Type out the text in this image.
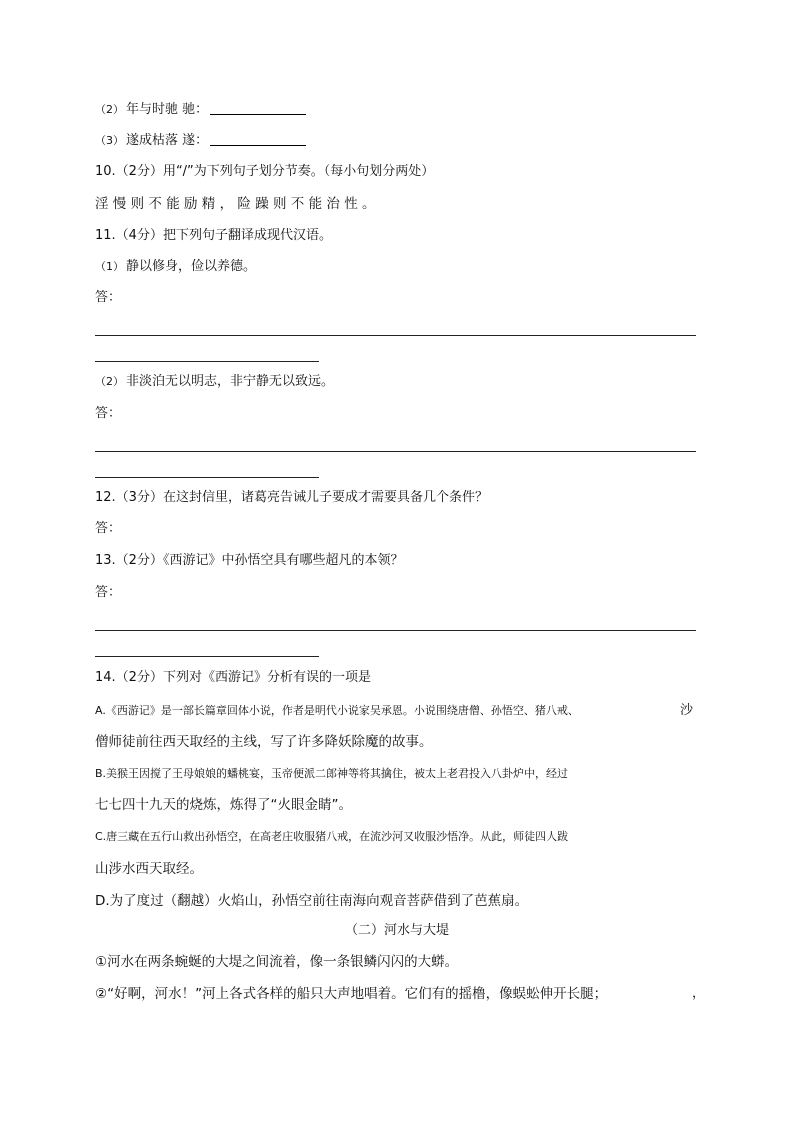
（2） 年与时驰 驰：
（3） 遂成枯落 遂：
10.（2分）用“/”为下列句子划分节奏。（每小句划分两处）
淫慢则不能励精，险躁则不能治性。
11.（4分）把下列句子翻译成现代汉语。
（1） 静以修身，俭以养德。
答：
（2） 非淡泊无以明志，非宁静无以致远。
答：
12.（3分）在这封信里，诸葛亮告诫儿子要成才需要具备几个条件？
答：
13.（2分）《西游记》中孙悟空具有哪些超凡的本领？
答：
14.（2分）下列对《西游记》分析有误的一项是
A.《西游记》是一部长篇章回体小说，作者是明代小说家吴承恩。小说围绕唐僧、孙悟空、猪八戒、	沙
僧师徒前往西天取经的主线，写了许多降妖除魔的故事。
B.美猴王因搅了王母娘娘的蟠桃宴，玉帝便派二郎神等将其擒住，被太上老君投入八卦炉中，经过
七七四十九天的烧炼，炼得了“火眼金睛”。
C.唐三藏在五行山救出孙悟空，在高老庄收服猪八戒，在流沙河又收服沙悟净。从此，师徒四人跋
山涉水西天取经。
D.为了度过（翻越）火焰山，孙悟空前往南海向观音菩萨借到了芭蕉扇。
（二）河水与大堤
①河水在两条蜿蜒的大堤之间流着，像一条银鳞闪闪的大蟒。
②“好啊，河水！”河上各式各样的船只大声地唱着。它们有的摇橹，像蜈蚣伸开长腿；	，
